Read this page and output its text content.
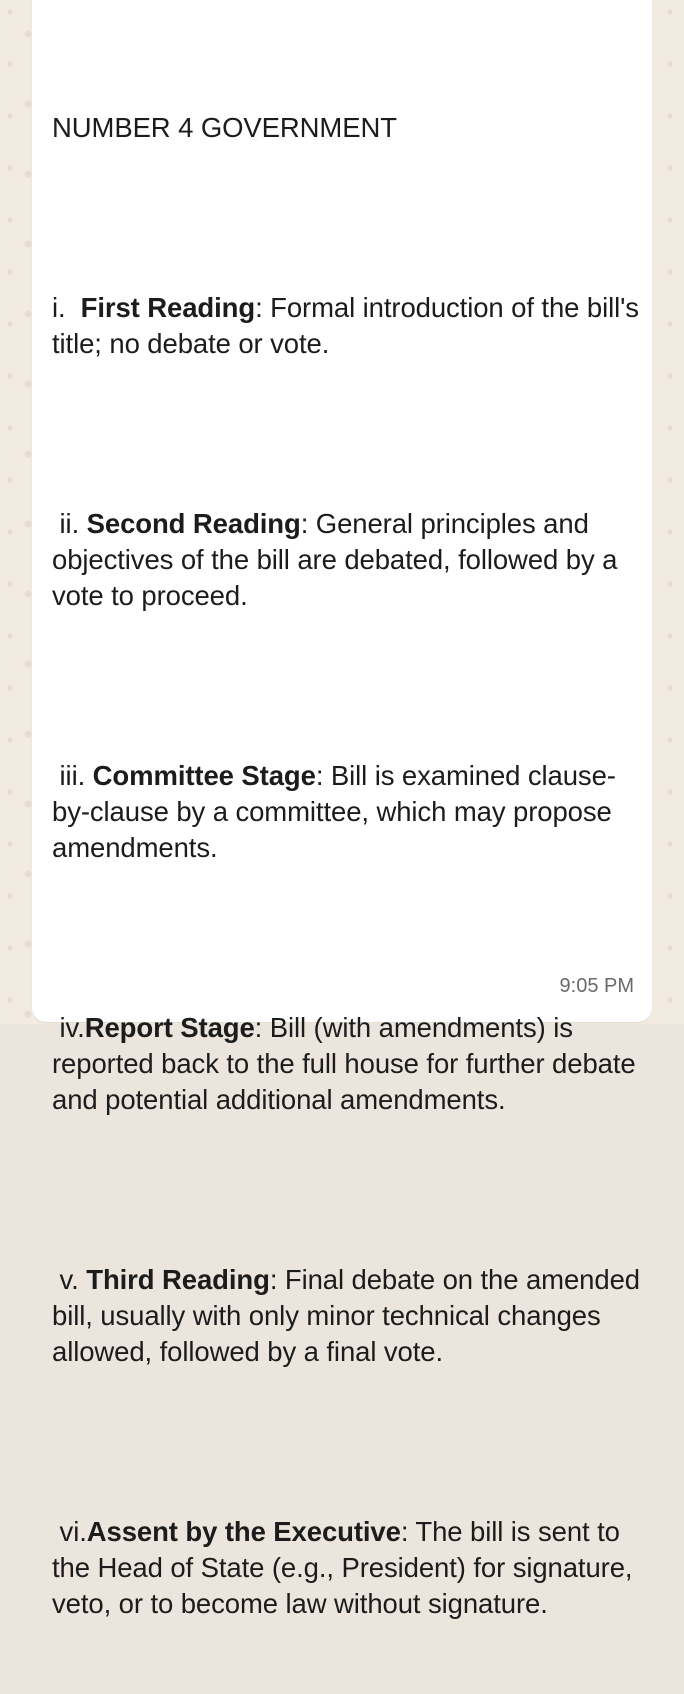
NUMBER 4 GOVERNMENT

i.  First Reading: Formal introduction of the bill's title; no debate or vote.

ii. Second Reading: General principles and objectives of the bill are debated, followed by a vote to proceed.

iii. Committee Stage: Bill is examined clause-by-clause by a committee, which may propose amendments.

iv.Report Stage: Bill (with amendments) is reported back to the full house for further debate and potential additional amendments.

v. Third Reading: Final debate on the amended bill, usually with only minor technical changes allowed, followed by a final vote.

vi.Assent by the Executive: The bill is sent to the Head of State (e.g., President) for signature, veto, or to become law without signature.

9:05 PM
